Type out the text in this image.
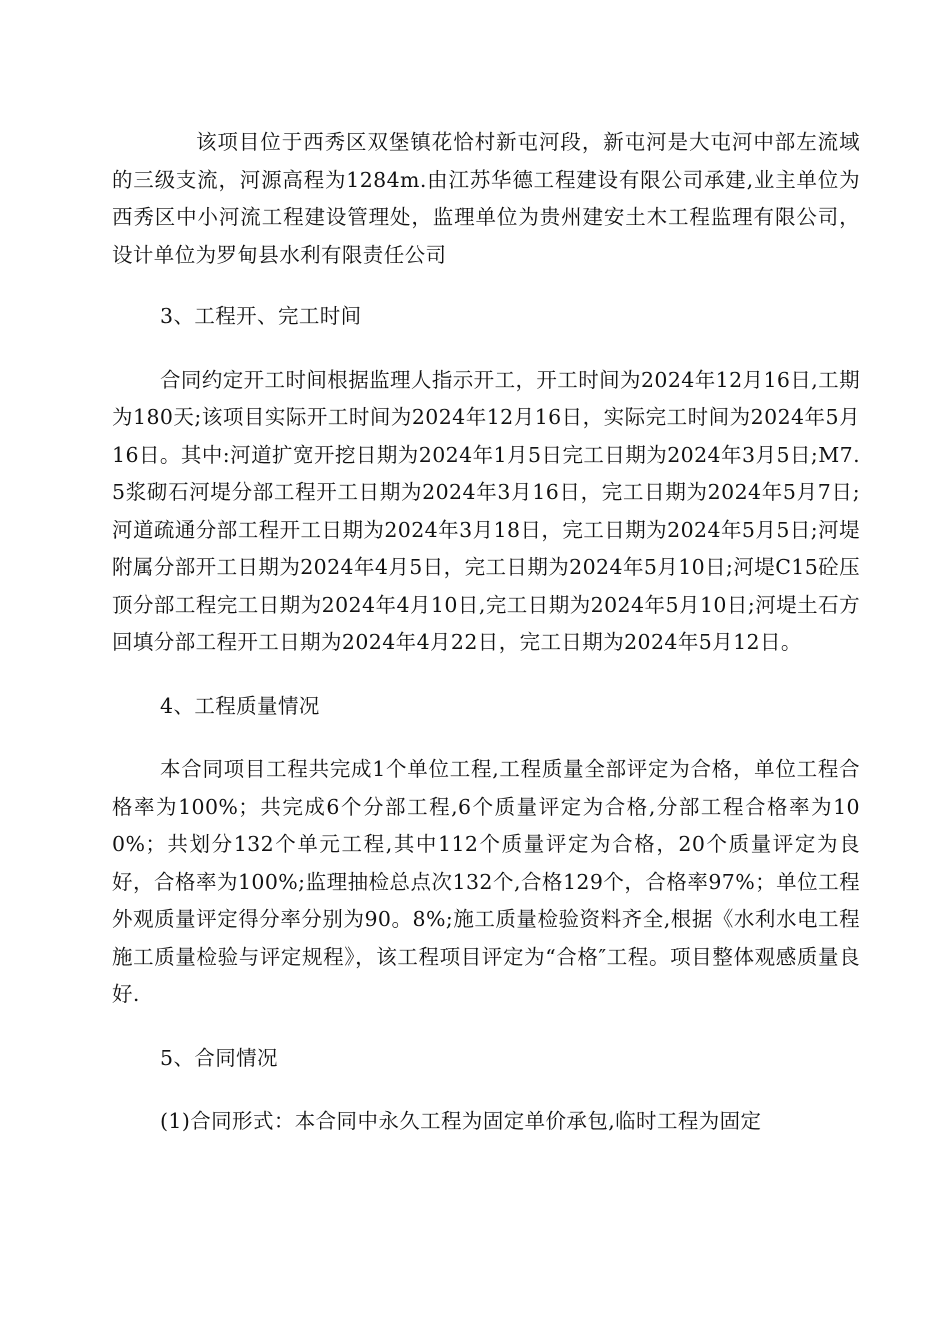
该项目位于西秀区双堡镇花恰村新屯河段，新屯河是大屯河中部左流域的三级支流，河源高程为1284m.由江苏华德工程建设有限公司承建,业主单位为西秀区中小河流工程建设管理处，监理单位为贵州建安土木工程监理有限公司，设计单位为罗甸县水利有限责任公司

3、工程开、完工时间

合同约定开工时间根据监理人指示开工，开工时间为2024年12月16日,工期为180天;该项目实际开工时间为2024年12月16日，实际完工时间为2024年5月16日。其中:河道扩宽开挖日期为2024年1月5日完工日期为2024年3月5日;M7.5浆砌石河堤分部工程开工日期为2024年3月16日，完工日期为2024年5月7日;河道疏通分部工程开工日期为2024年3月18日，完工日期为2024年5月5日;河堤附属分部开工日期为2024年4月5日，完工日期为2024年5月10日;河堤C15砼压顶分部工程完工日期为2024年4月10日,完工日期为2024年5月10日;河堤土石方回填分部工程开工日期为2024年4月22日，完工日期为2024年5月12日。

4、工程质量情况

本合同项目工程共完成1个单位工程,工程质量全部评定为合格，单位工程合格率为100%；共完成6个分部工程,6个质量评定为合格,分部工程合格率为100%；共划分132个单元工程,其中112个质量评定为合格，20个质量评定为良好，合格率为100%;监理抽检总点次132个,合格129个，合格率97%；单位工程外观质量评定得分率分别为90。8%;施工质量检验资料齐全,根据《水利水电工程施工质量检验与评定规程》，该工程项目评定为“合格″工程。项目整体观感质量良好.

5、合同情况

(1)合同形式：本合同中永久工程为固定单价承包,临时工程为固定
